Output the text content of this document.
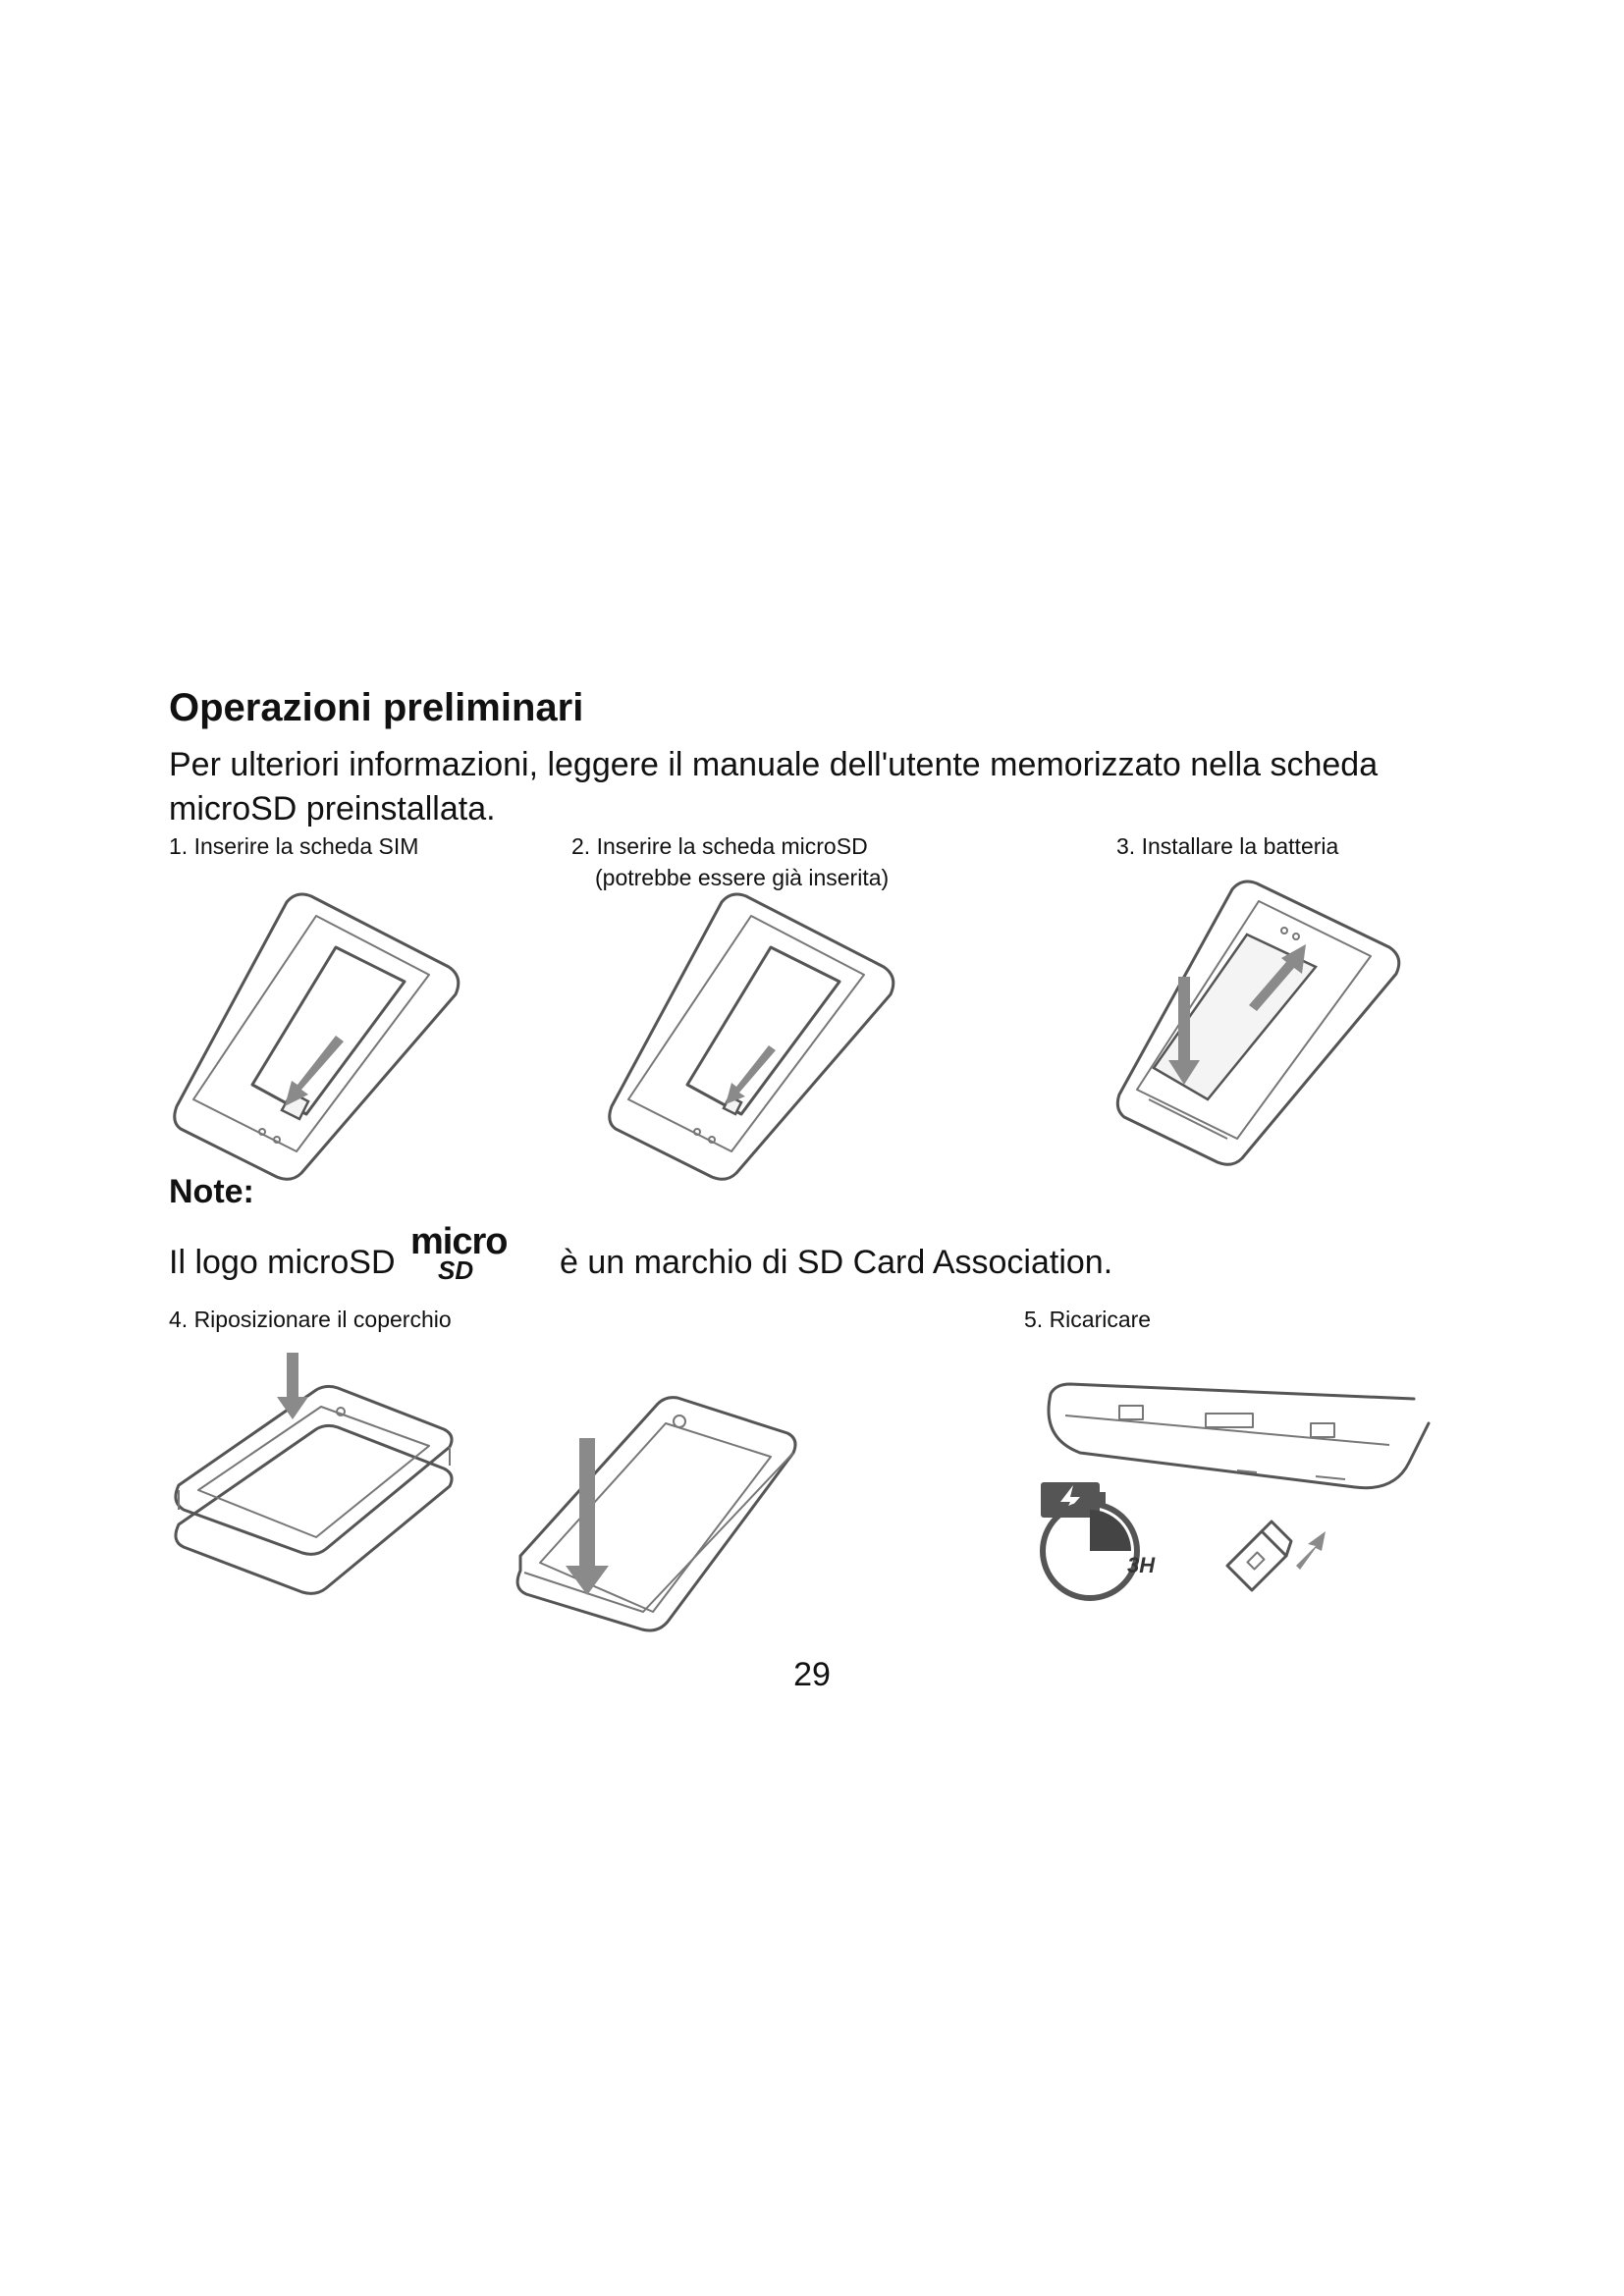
Operazioni preliminari
Per ulteriori informazioni, leggere il manuale dell'utente memorizzato nella scheda microSD preinstallata.
1. Inserire la scheda SIM	2. Inserire la scheda microSD
(potrebbe essere già inserita)
3. Installare la batteria
Note:
Il logo microSD micro
SD	è un marchio di SD Card Association.
4. Riposizionare il coperchio	5. Ricaricare
3H
29
